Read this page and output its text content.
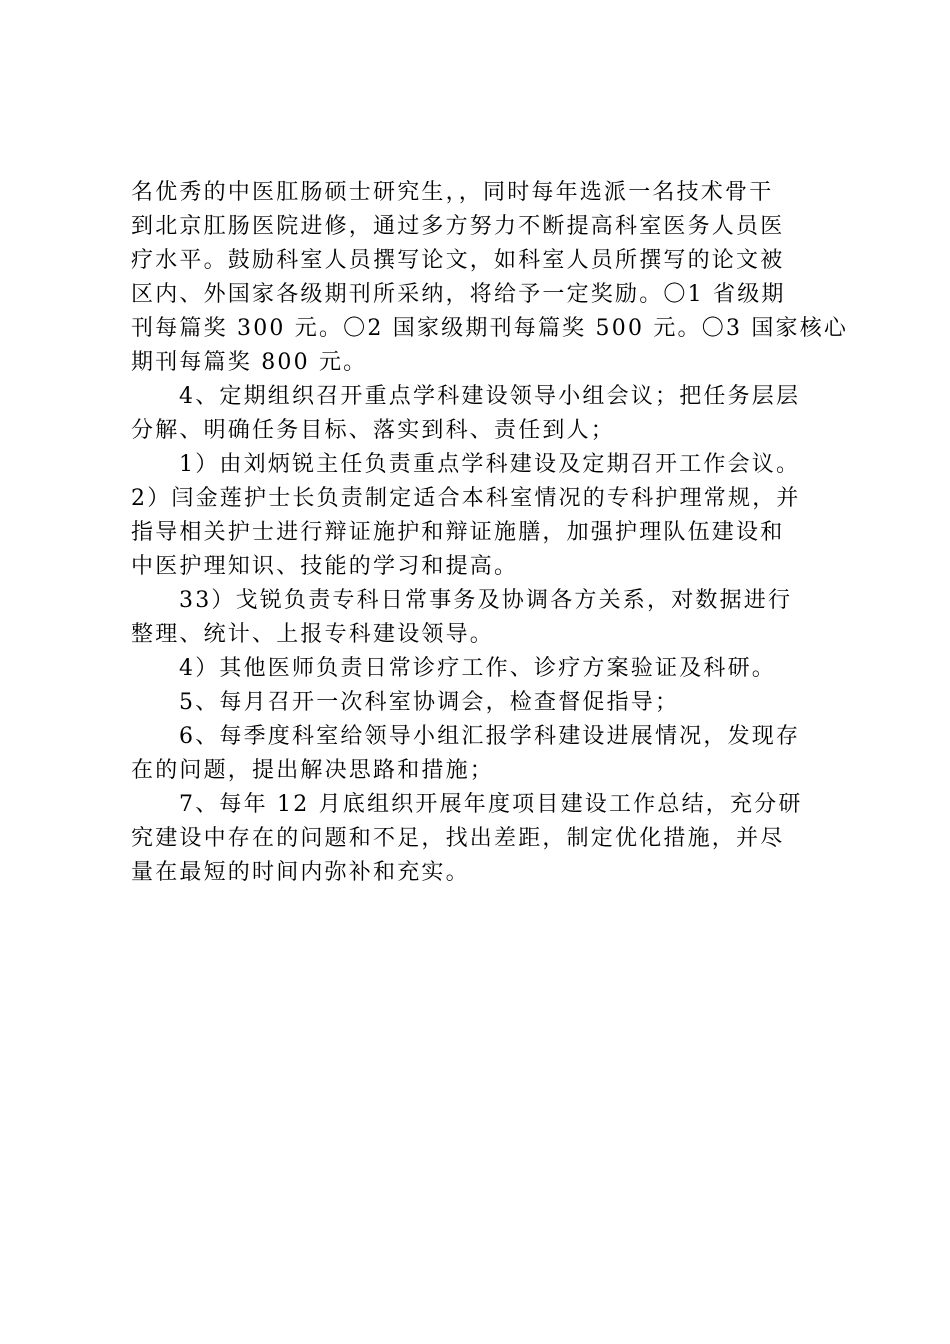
名优秀的中医肛肠硕士研究生，，同时每年选派一名技术骨干
到北京肛肠医院进修，通过多方努力不断提高科室医务人员医
疗水平。鼓励科室人员撰写论文，如科室人员所撰写的论文被
区内、外国家各级期刊所采纳，将给予一定奖励。〇1 省级期
刊每篇奖 300 元。〇2 国家级期刊每篇奖 500 元。〇3 国家核心
期刊每篇奖 800 元。
4、定期组织召开重点学科建设领导小组会议；把任务层层
分解、明确任务目标、落实到科、责任到人；
1）由刘炳锐主任负责重点学科建设及定期召开工作会议。
2）闫金莲护士长负责制定适合本科室情况的专科护理常规，并
指导相关护士进行辩证施护和辩证施膳，加强护理队伍建设和
中医护理知识、技能的学习和提高。
33）戈锐负责专科日常事务及协调各方关系，对数据进行
整理、统计、上报专科建设领导。
4）其他医师负责日常诊疗工作、诊疗方案验证及科研。
5、每月召开一次科室协调会，检查督促指导；
6、每季度科室给领导小组汇报学科建设进展情况，发现存
在的问题，提出解决思路和措施；
7、每年 12 月底组织开展年度项目建设工作总结，充分研
究建设中存在的问题和不足，找出差距，制定优化措施，并尽
量在最短的时间内弥补和充实。
